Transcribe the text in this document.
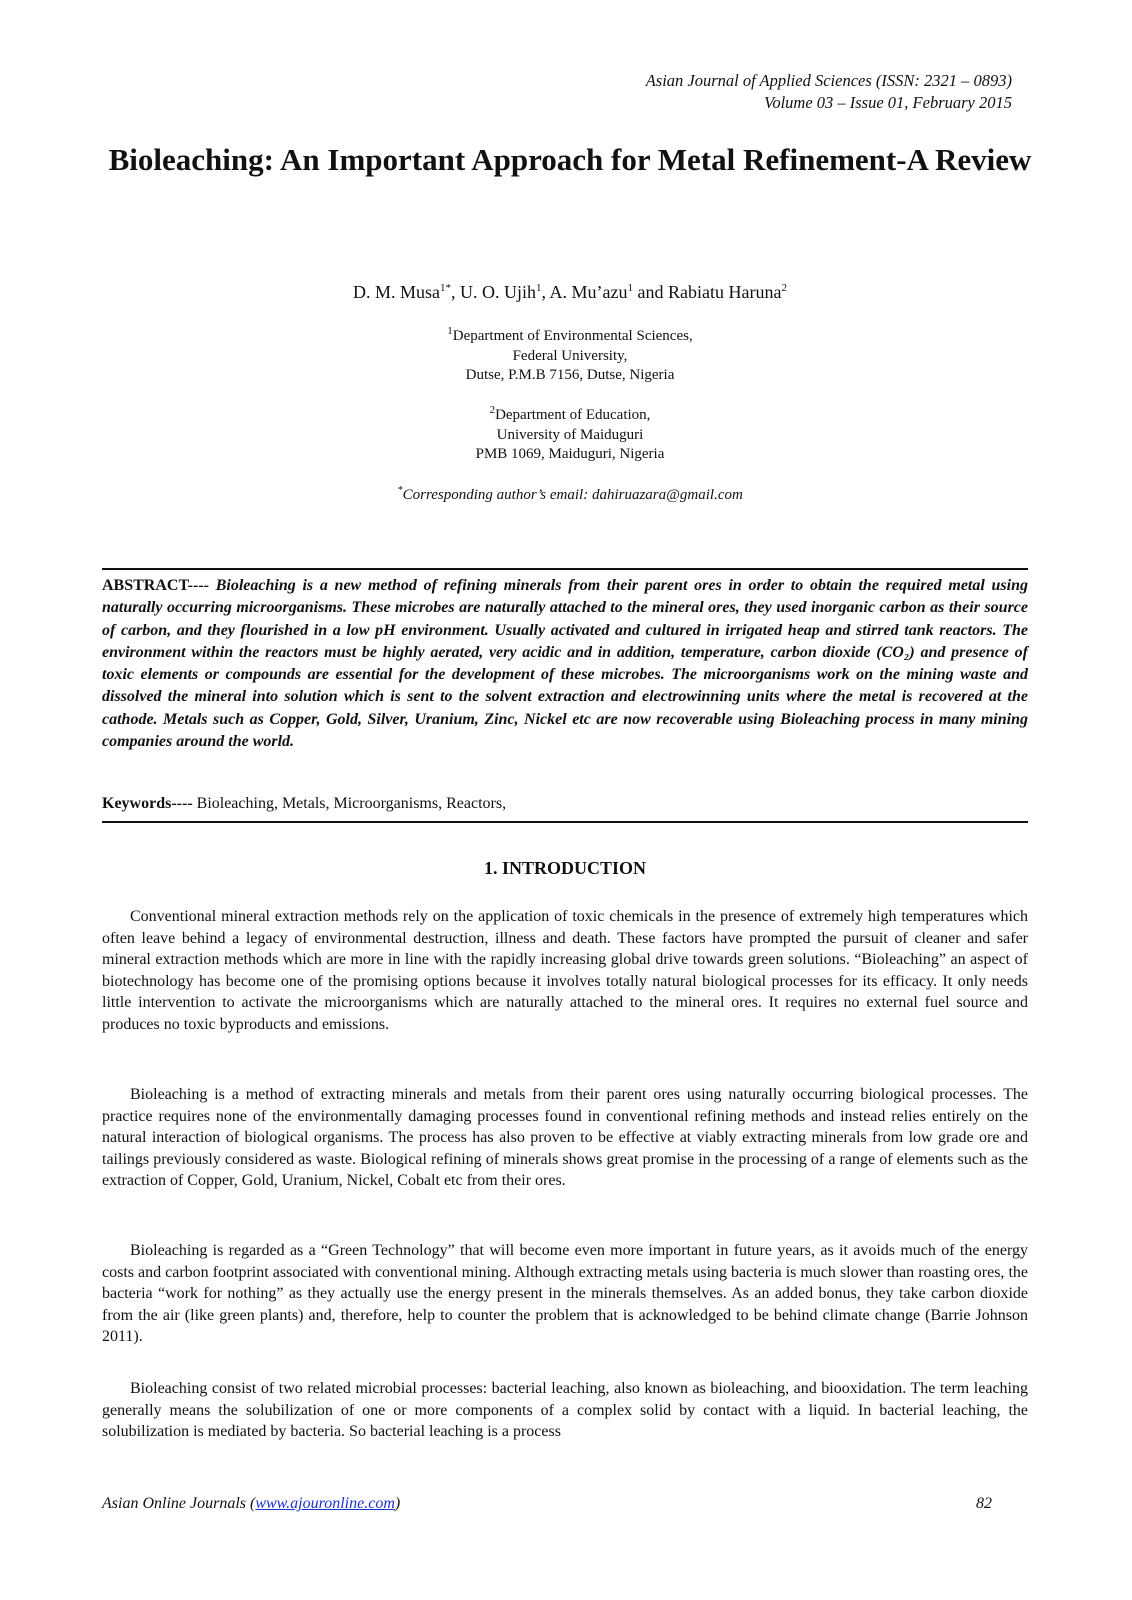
Asian Journal of Applied Sciences (ISSN: 2321 – 0893)
Volume 03 – Issue 01, February 2015
Bioleaching: An Important Approach for Metal Refinement-A Review
D. M. Musa$^{1*}$, U. O. Ujih$^1$, A. Mu’azu$^1$ and Rabiatu Haruna$^2$
$^1$Department of Environmental Sciences,
Federal University,
Dutse, P.M.B 7156, Dutse, Nigeria
$^2$Department of Education,
University of Maiduguri
PMB 1069, Maiduguri, Nigeria
*Corresponding author’s email: dahiruazara@gmail.com

ABSTRACT---- Bioleaching is a new method of refining minerals from their parent ores in order to obtain the required metal using naturally occurring microorganisms. These microbes are naturally attached to the mineral ores, they used inorganic carbon as their source of carbon, and they flourished in a low pH environment. Usually activated and cultured in irrigated heap and stirred tank reactors. The environment within the reactors must be highly aerated, very acidic and in addition, temperature, carbon dioxide (CO₂) and presence of toxic elements or compounds are essential for the development of these microbes. The microorganisms work on the mining waste and dissolved the mineral into solution which is sent to the solvent extraction and electrowinning units where the metal is recovered at the cathode. Metals such as Copper, Gold, Silver, Uranium, Zinc, Nickel etc are now recoverable using Bioleaching process in many mining companies around the world.

Keywords---- Bioleaching, Metals, Microorganisms, Reactors,

1. INTRODUCTION

Conventional mineral extraction methods rely on the application of toxic chemicals in the presence of extremely high temperatures which often leave behind a legacy of environmental destruction, illness and death. These factors have prompted the pursuit of cleaner and safer mineral extraction methods which are more in line with the rapidly increasing global drive towards green solutions. “Bioleaching” an aspect of biotechnology has become one of the promising options because it involves totally natural biological processes for its efficacy. It only needs little intervention to activate the microorganisms which are naturally attached to the mineral ores. It requires no external fuel source and produces no toxic byproducts and emissions.

Bioleaching is a method of extracting minerals and metals from their parent ores using naturally occurring biological processes. The practice requires none of the environmentally damaging processes found in conventional refining methods and instead relies entirely on the natural interaction of biological organisms. The process has also proven to be effective at viably extracting minerals from low grade ore and tailings previously considered as waste. Biological refining of minerals shows great promise in the processing of a range of elements such as the extraction of Copper, Gold, Uranium, Nickel, Cobalt etc from their ores.

Bioleaching is regarded as a “Green Technology” that will become even more important in future years, as it avoids much of the energy costs and carbon footprint associated with conventional mining. Although extracting metals using bacteria is much slower than roasting ores, the bacteria “work for nothing” as they actually use the energy present in the minerals themselves. As an added bonus, they take carbon dioxide from the air (like green plants) and, therefore, help to counter the problem that is acknowledged to be behind climate change (Barrie Johnson 2011).

Bioleaching consist of two related microbial processes: bacterial leaching, also known as bioleaching, and biooxidation. The term leaching generally means the solubilization of one or more components of a complex solid by contact with a liquid. In bacterial leaching, the solubilization is mediated by bacteria. So bacterial leaching is a process

Asian Online Journals (www.ajouronline.com)	82
